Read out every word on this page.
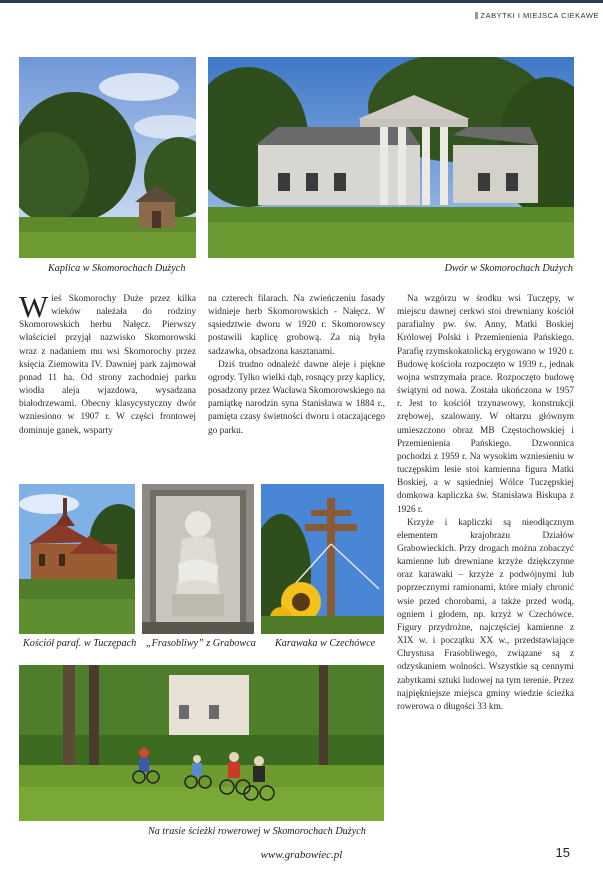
ZABYTKI I MIEJSCA CIEKAWE
Kaplica w Skomorochach Dużych	Dwór w Skomorochach Dużych

Wieś Skomorochy Duże przez kilka wieków należała do rodziny Skomorowskich herbu Nałęcz. Pierwszy właściciel przyjął nazwisko Skomorowski wraz z nadaniem mu wsi Skomorochy przez księcia Ziemowita IV. Dawniej park zajmował ponad 11 ha. Od strony zachodniej parku wiodła aleja wjazdowa, wysadzana białodrzewami. Obecny klasycystyczny dwór wzniesiono w 1907 r. W części frontowej dominuje ganek, wsparty

na czterech filarach. Na zwieńczeniu fasady widnieje herb Skomorowskich - Nałęcz. W sąsiedztwie dworu w 1920 r. Skomorowscy postawili kaplicę grobową. Za nią była sadzawka, obsadzona kasztanami.

Dziś trudno odnaleźć dawne aleje i piękne ogrody. Tylko wielki dąb, rosnący przy kaplicy, posadzony przez Wacława Skomorowskiego na pamiątkę narodzin syna Stanisława w 1884 r., pamięta czasy świetności dworu i otaczającego go parku.

Na wzgórzu w środku wsi Tuczępy, w miejscu dawnej cerkwi stoi drewniany kościół parafialny pw. św. Anny, Matki Boskiej Królowej Polski i Przemienienia Pańskiego. Parafię rzymskokatolicką erygowano w 1920 r. Budowę kościoła rozpoczęto w 1939 r., jednak wojna wstrzymała prace. Rozpoczęto budowę świątyni od nowa. Została ukończona w 1957 r. Jest to kościół trzynawowy, konstrukcji zrębowej, szalowany. W ołtarzu głównym umieszczono obraz MB Częstochowskiej i Przemienienia Pańskiego. Dzwonnica pochodzi z 1959 r. Na wysokim wzniesieniu w tuczępskim lesie stoi kamienna figura Matki Boskiej, a w sąsiedniej Wólce Tuczępskiej domkowa kapliczka św. Stanisława Biskupa z 1926 r.

Krzyże i kapliczki są nieodłącznym elementem krajobrazu Działów Grabowieckich. Przy drogach można zobaczyć kamienne lub drewniane krzyże dziękczynne oraz karawaki – krzyże z podwójnymi lub poprzecznymi ramionami, które miały chronić wsie przed chorobami, a także przed wodą, ogniem i głodem, np. krzyż w Czechówce. Figury przydrożne, najczęściej kamienne z XIX w. i początku XX w., przedstawiające Chrystusa Frasobliwego, związane są z odzyskaniem wolności. Wszystkie są cennymi zabytkami sztuki ludowej na tym terenie. Przez najpiękniejsze miejsca gminy wiedzie ścieżka rowerowa o długości 33 km.

Kościół paraf. w Tuczępach „Frasobliwy” z Grabowca Karawaka w Czechówce
Na trasie ścieżki rowerowej w Skomorochach Dużych
www.grabowiec.pl	15
